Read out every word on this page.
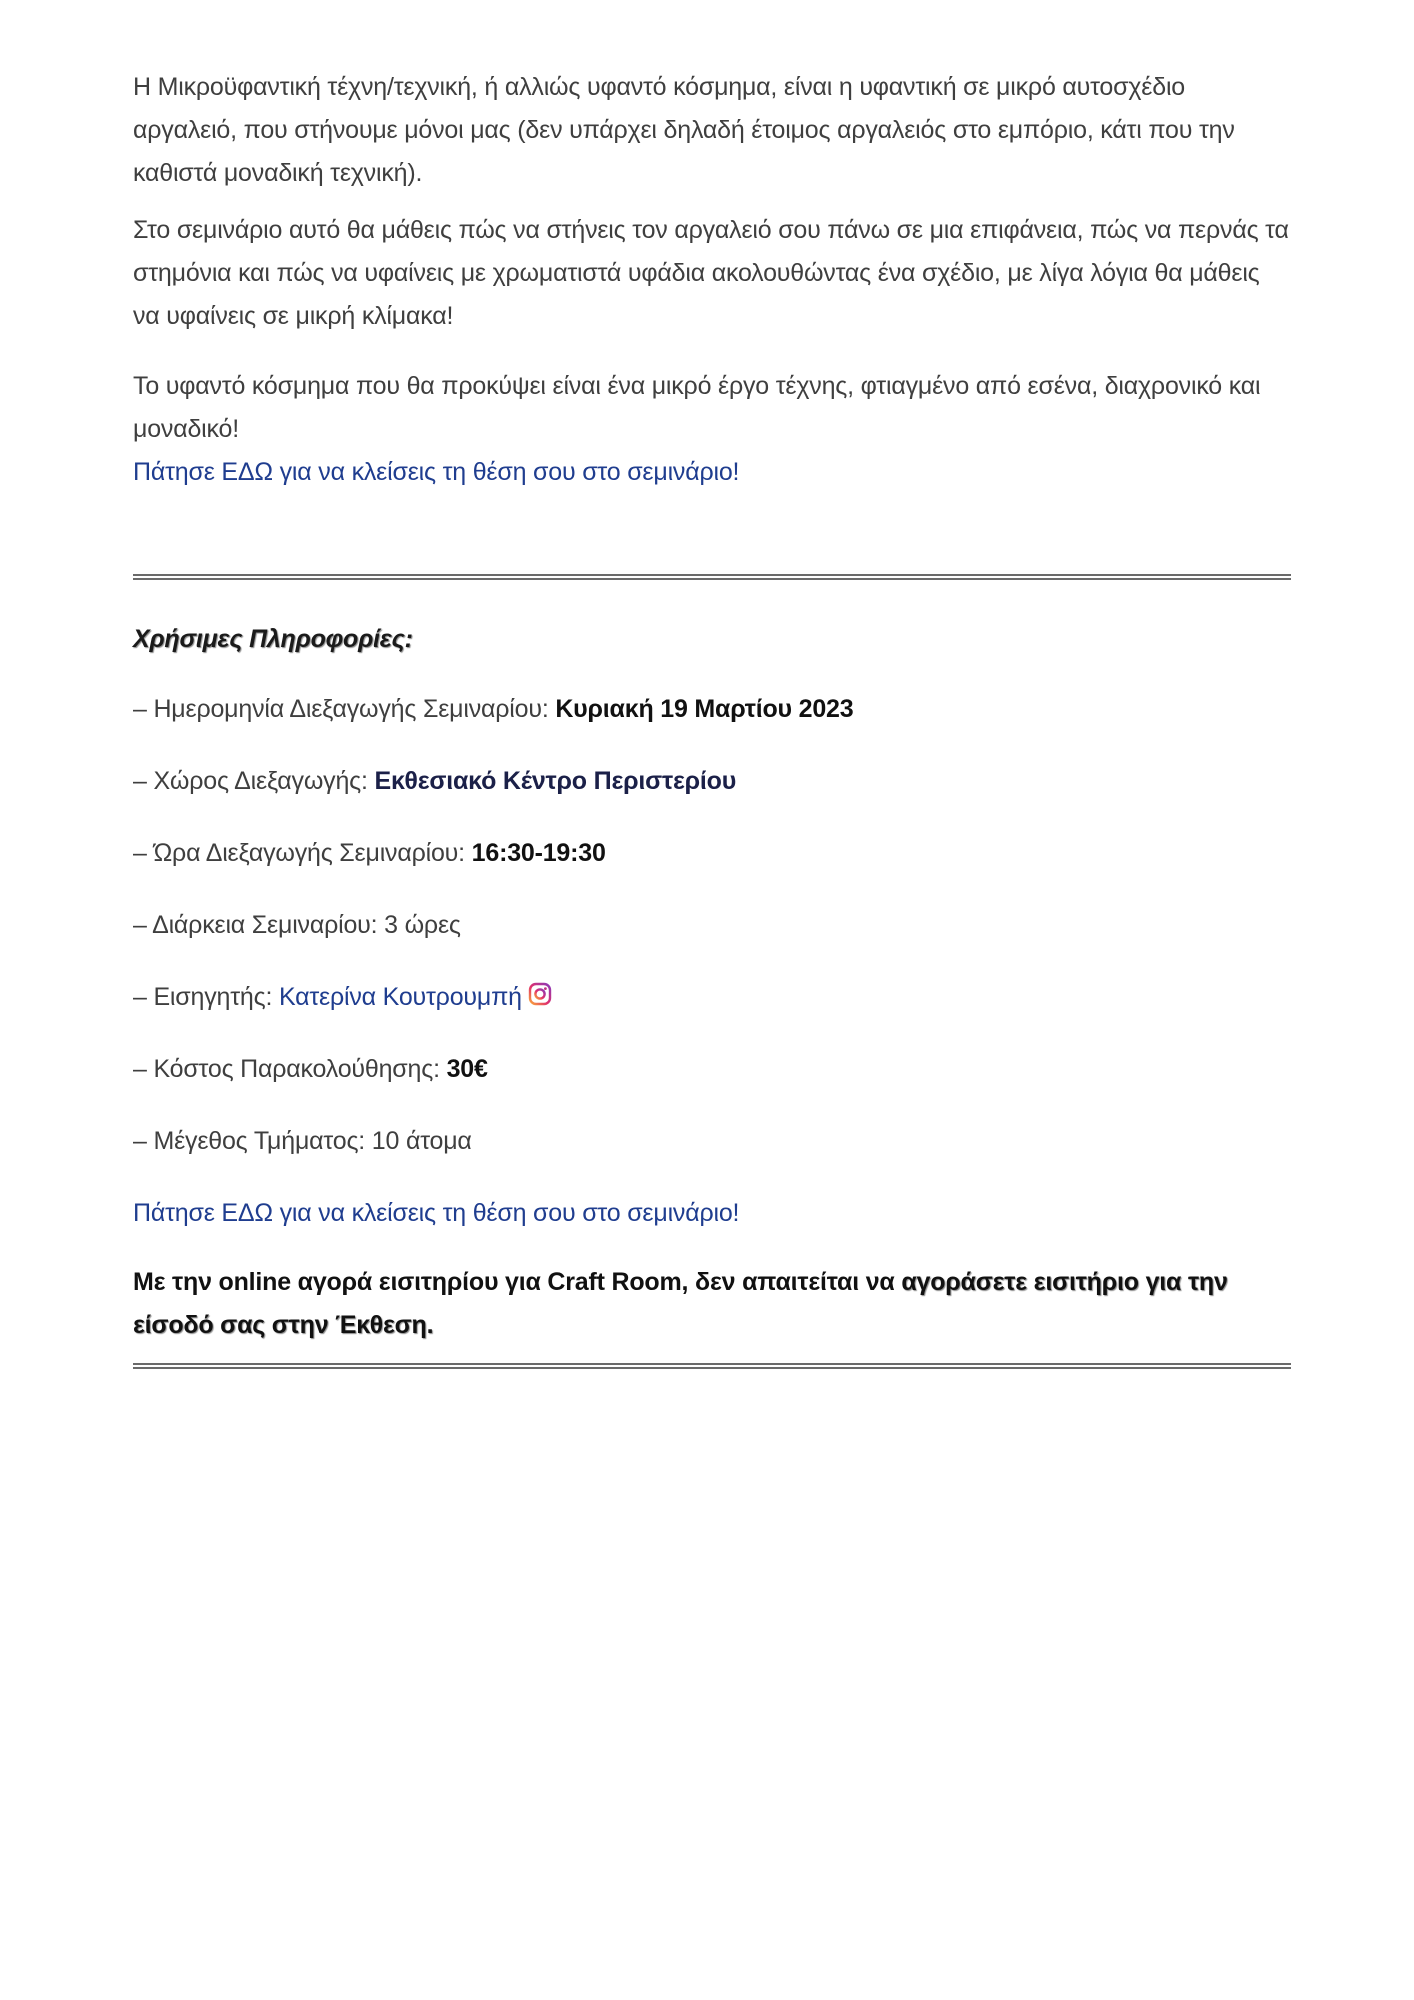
Η Μικροϋφαντική τέχνη/τεχνική, ή αλλιώς υφαντό κόσμημα, είναι η υφαντική σε μικρό αυτοσχέδιο αργαλειό, που στήνουμε μόνοι μας (δεν υπάρχει δηλαδή έτοιμος αργαλειός στο εμπόριο, κάτι που την καθιστά μοναδική τεχνική).

Στο σεμινάριο αυτό θα μάθεις πώς να στήνεις τον αργαλειό σου πάνω σε μια επιφάνεια, πώς να περνάς τα στημόνια και πώς να υφαίνεις με χρωματιστά υφάδια ακολουθώντας ένα σχέδιο, με λίγα λόγια θα μάθεις να υφαίνεις σε μικρή κλίμακα!

Το υφαντό κόσμημα που θα προκύψει είναι ένα μικρό έργο τέχνης, φτιαγμένο από εσένα, διαχρονικό και μοναδικό!

Πάτησε ΕΔΩ για να κλείσεις τη θέση σου στο σεμινάριο!

Χρήσιμες Πληροφορίες:

– Ημερομηνία Διεξαγωγής Σεμιναρίου: Κυριακή 19 Μαρτίου 2023

– Χώρος Διεξαγωγής: Εκθεσιακό Κέντρο Περιστερίου

– Ώρα Διεξαγωγής Σεμιναρίου: 16:30-19:30

– Διάρκεια Σεμιναρίου: 3 ώρες

– Εισηγητής: Κατερίνα Κουτρουμπή

– Κόστος Παρακολούθησης: 30€

– Μέγεθος Τμήματος: 10 άτομα

Πάτησε ΕΔΩ για να κλείσεις τη θέση σου στο σεμινάριο!

Με την online αγορά εισιτηρίου για Craft Room, δεν απαιτείται να αγοράσετε εισιτήριο για την είσοδό σας στην Έκθεση.
